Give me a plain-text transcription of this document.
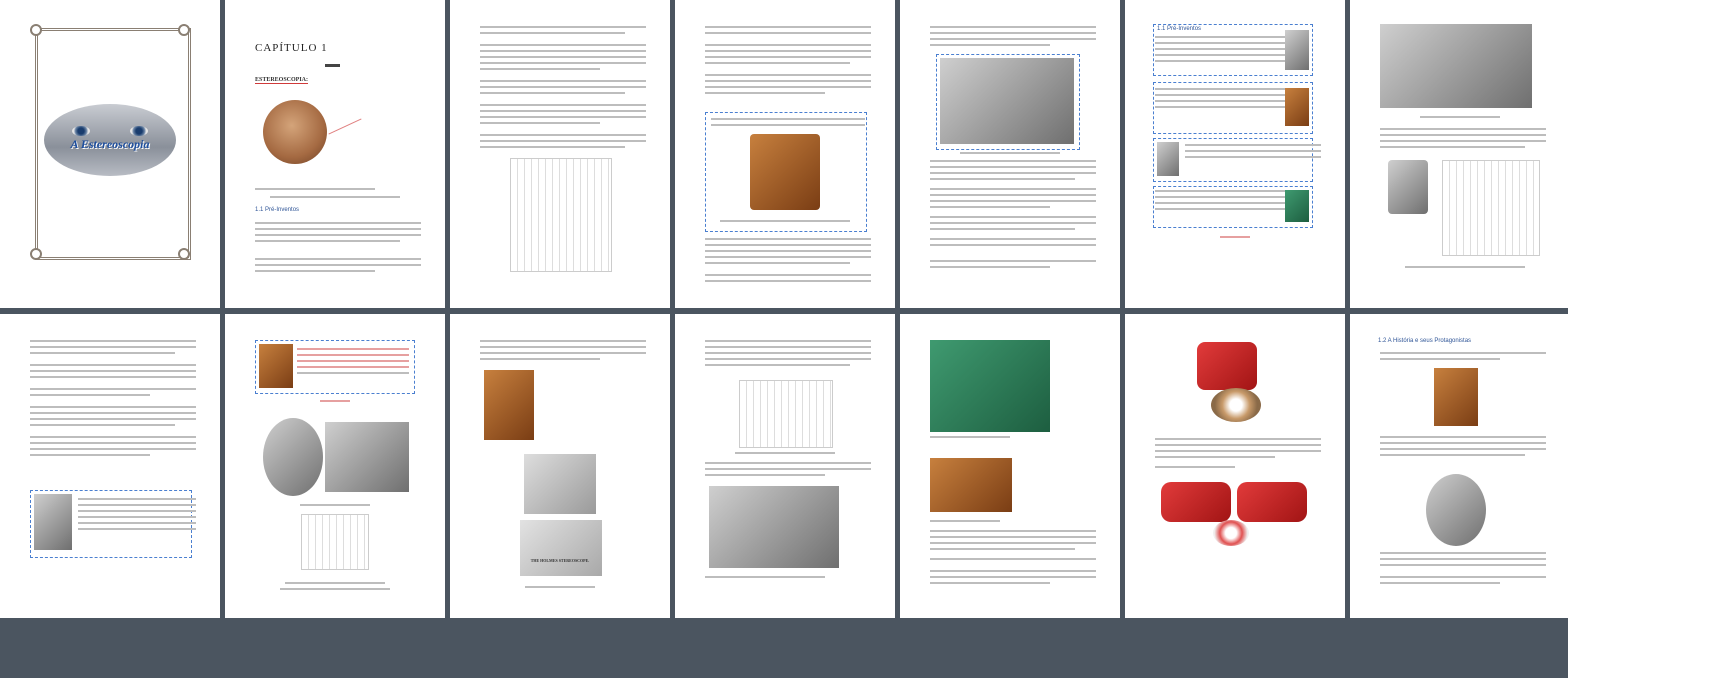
A Estereoscopia
CAPÍTULO 1
ESTEREOSCOPIA:
1.1 Pré-Inventos
1.1 Pré-Inventos
THE HOLMES STEREOSCOPE.
1.2 A História e seus Protagonistas
